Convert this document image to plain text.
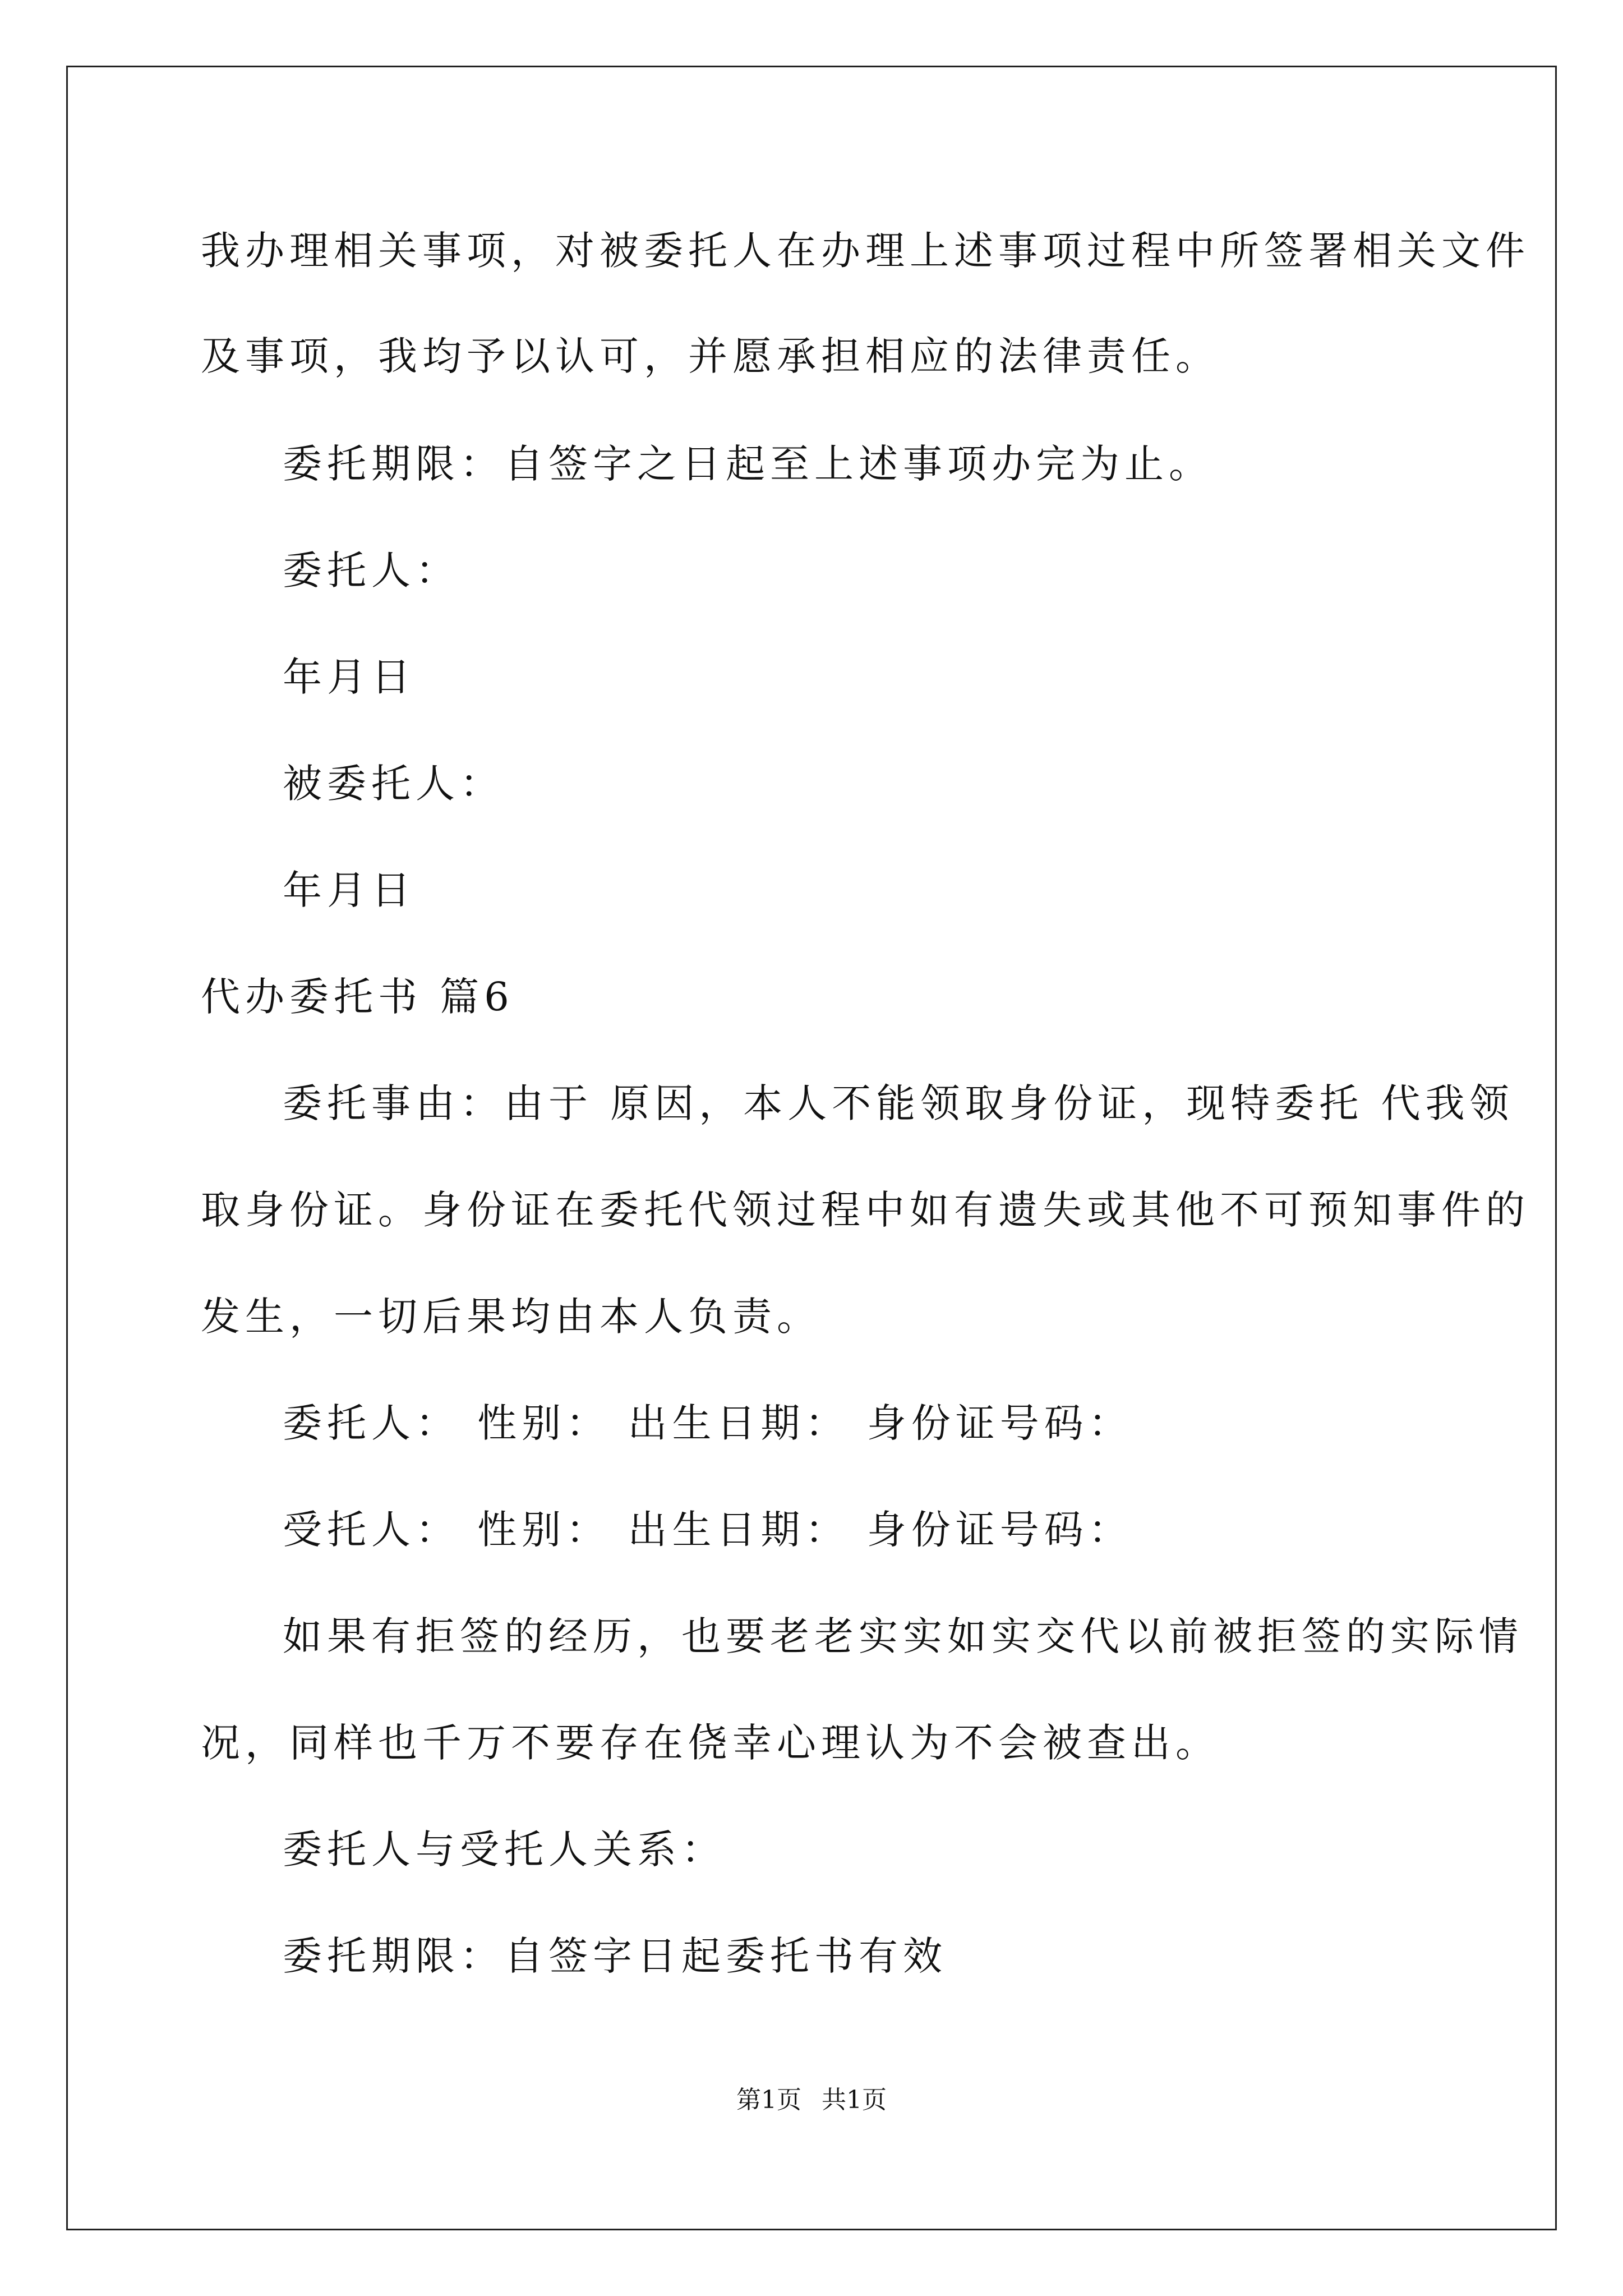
我办理相关事项，对被委托人在办理上述事项过程中所签署相关文件
及事项，我均予以认可，并愿承担相应的法律责任。
委托期限：自签字之日起至上述事项办完为止。
委托人：
年月日
被委托人：
年月日
代办委托书 篇6
委托事由：由于 原因，本人不能领取身份证，现特委托 代我领
取身份证。身份证在委托代领过程中如有遗失或其他不可预知事件的
发生，一切后果均由本人负责。
委托人： 性别： 出生日期： 身份证号码：
受托人： 性别： 出生日期： 身份证号码：
如果有拒签的经历，也要老老实实如实交代以前被拒签的实际情
况，同样也千万不要存在侥幸心理认为不会被查出。
委托人与受托人关系：
委托期限：自签字日起委托书有效
第1页 共1页
